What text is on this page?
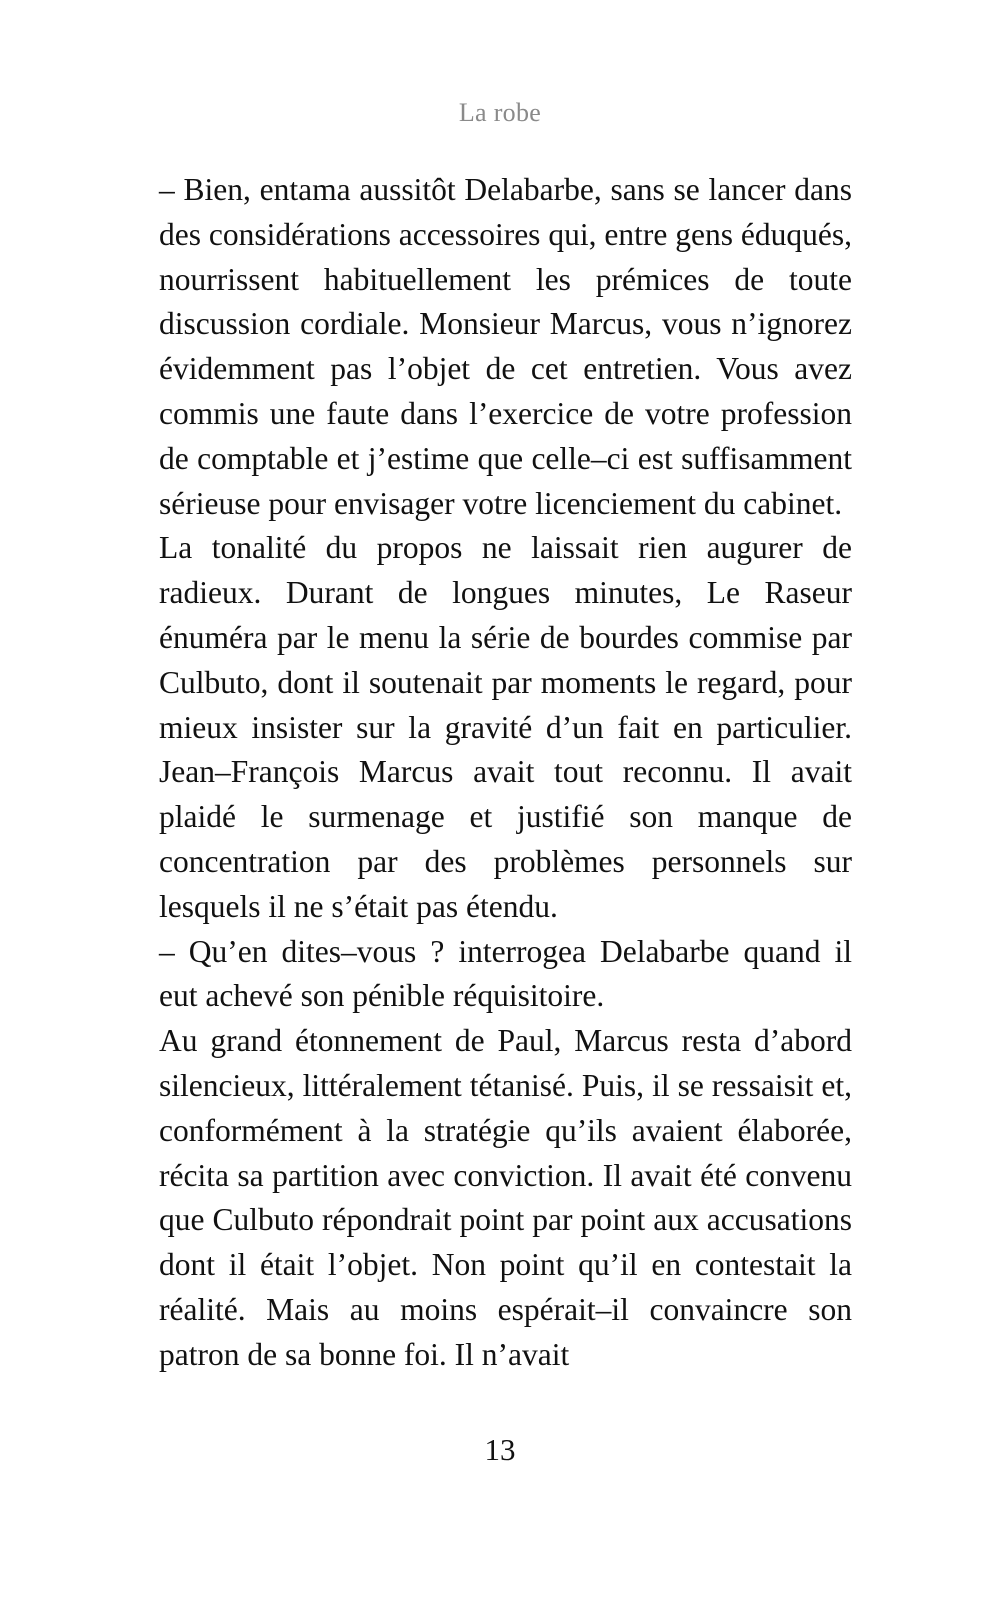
La robe

– Bien, entama aussitôt Delabarbe, sans se lancer dans des considérations accessoires qui, entre gens éduqués, nourrissent habituellement les prémices de toute discussion cordiale. Monsieur Marcus, vous n’ignorez évidemment pas l’objet de cet entretien. Vous avez commis une faute dans l’exercice de votre profession de comptable et j’estime que celle–ci est suffisamment sérieuse pour envisager votre licenciement du cabinet.

La tonalité du propos ne laissait rien augurer de radieux. Durant de longues minutes, Le Raseur énuméra par le menu la série de bourdes commise par Culbuto, dont il soutenait par moments le regard, pour mieux insister sur la gravité d’un fait en particulier. Jean–François Marcus avait tout reconnu. Il avait plaidé le surmenage et justifié son manque de concentration par des problèmes personnels sur lesquels il ne s’était pas étendu.

– Qu’en dites–vous ? interrogea Delabarbe quand il eut achevé son pénible réquisitoire.

Au grand étonnement de Paul, Marcus resta d’abord silencieux, littéralement tétanisé. Puis, il se ressaisit et, conformément à la stratégie qu’ils avaient élaborée, récita sa partition avec conviction. Il avait été convenu que Culbuto répondrait point par point aux accusations dont il était l’objet. Non point qu’il en contestait la réalité. Mais au moins espérait–il convaincre son patron de sa bonne foi. Il n’avait

13
